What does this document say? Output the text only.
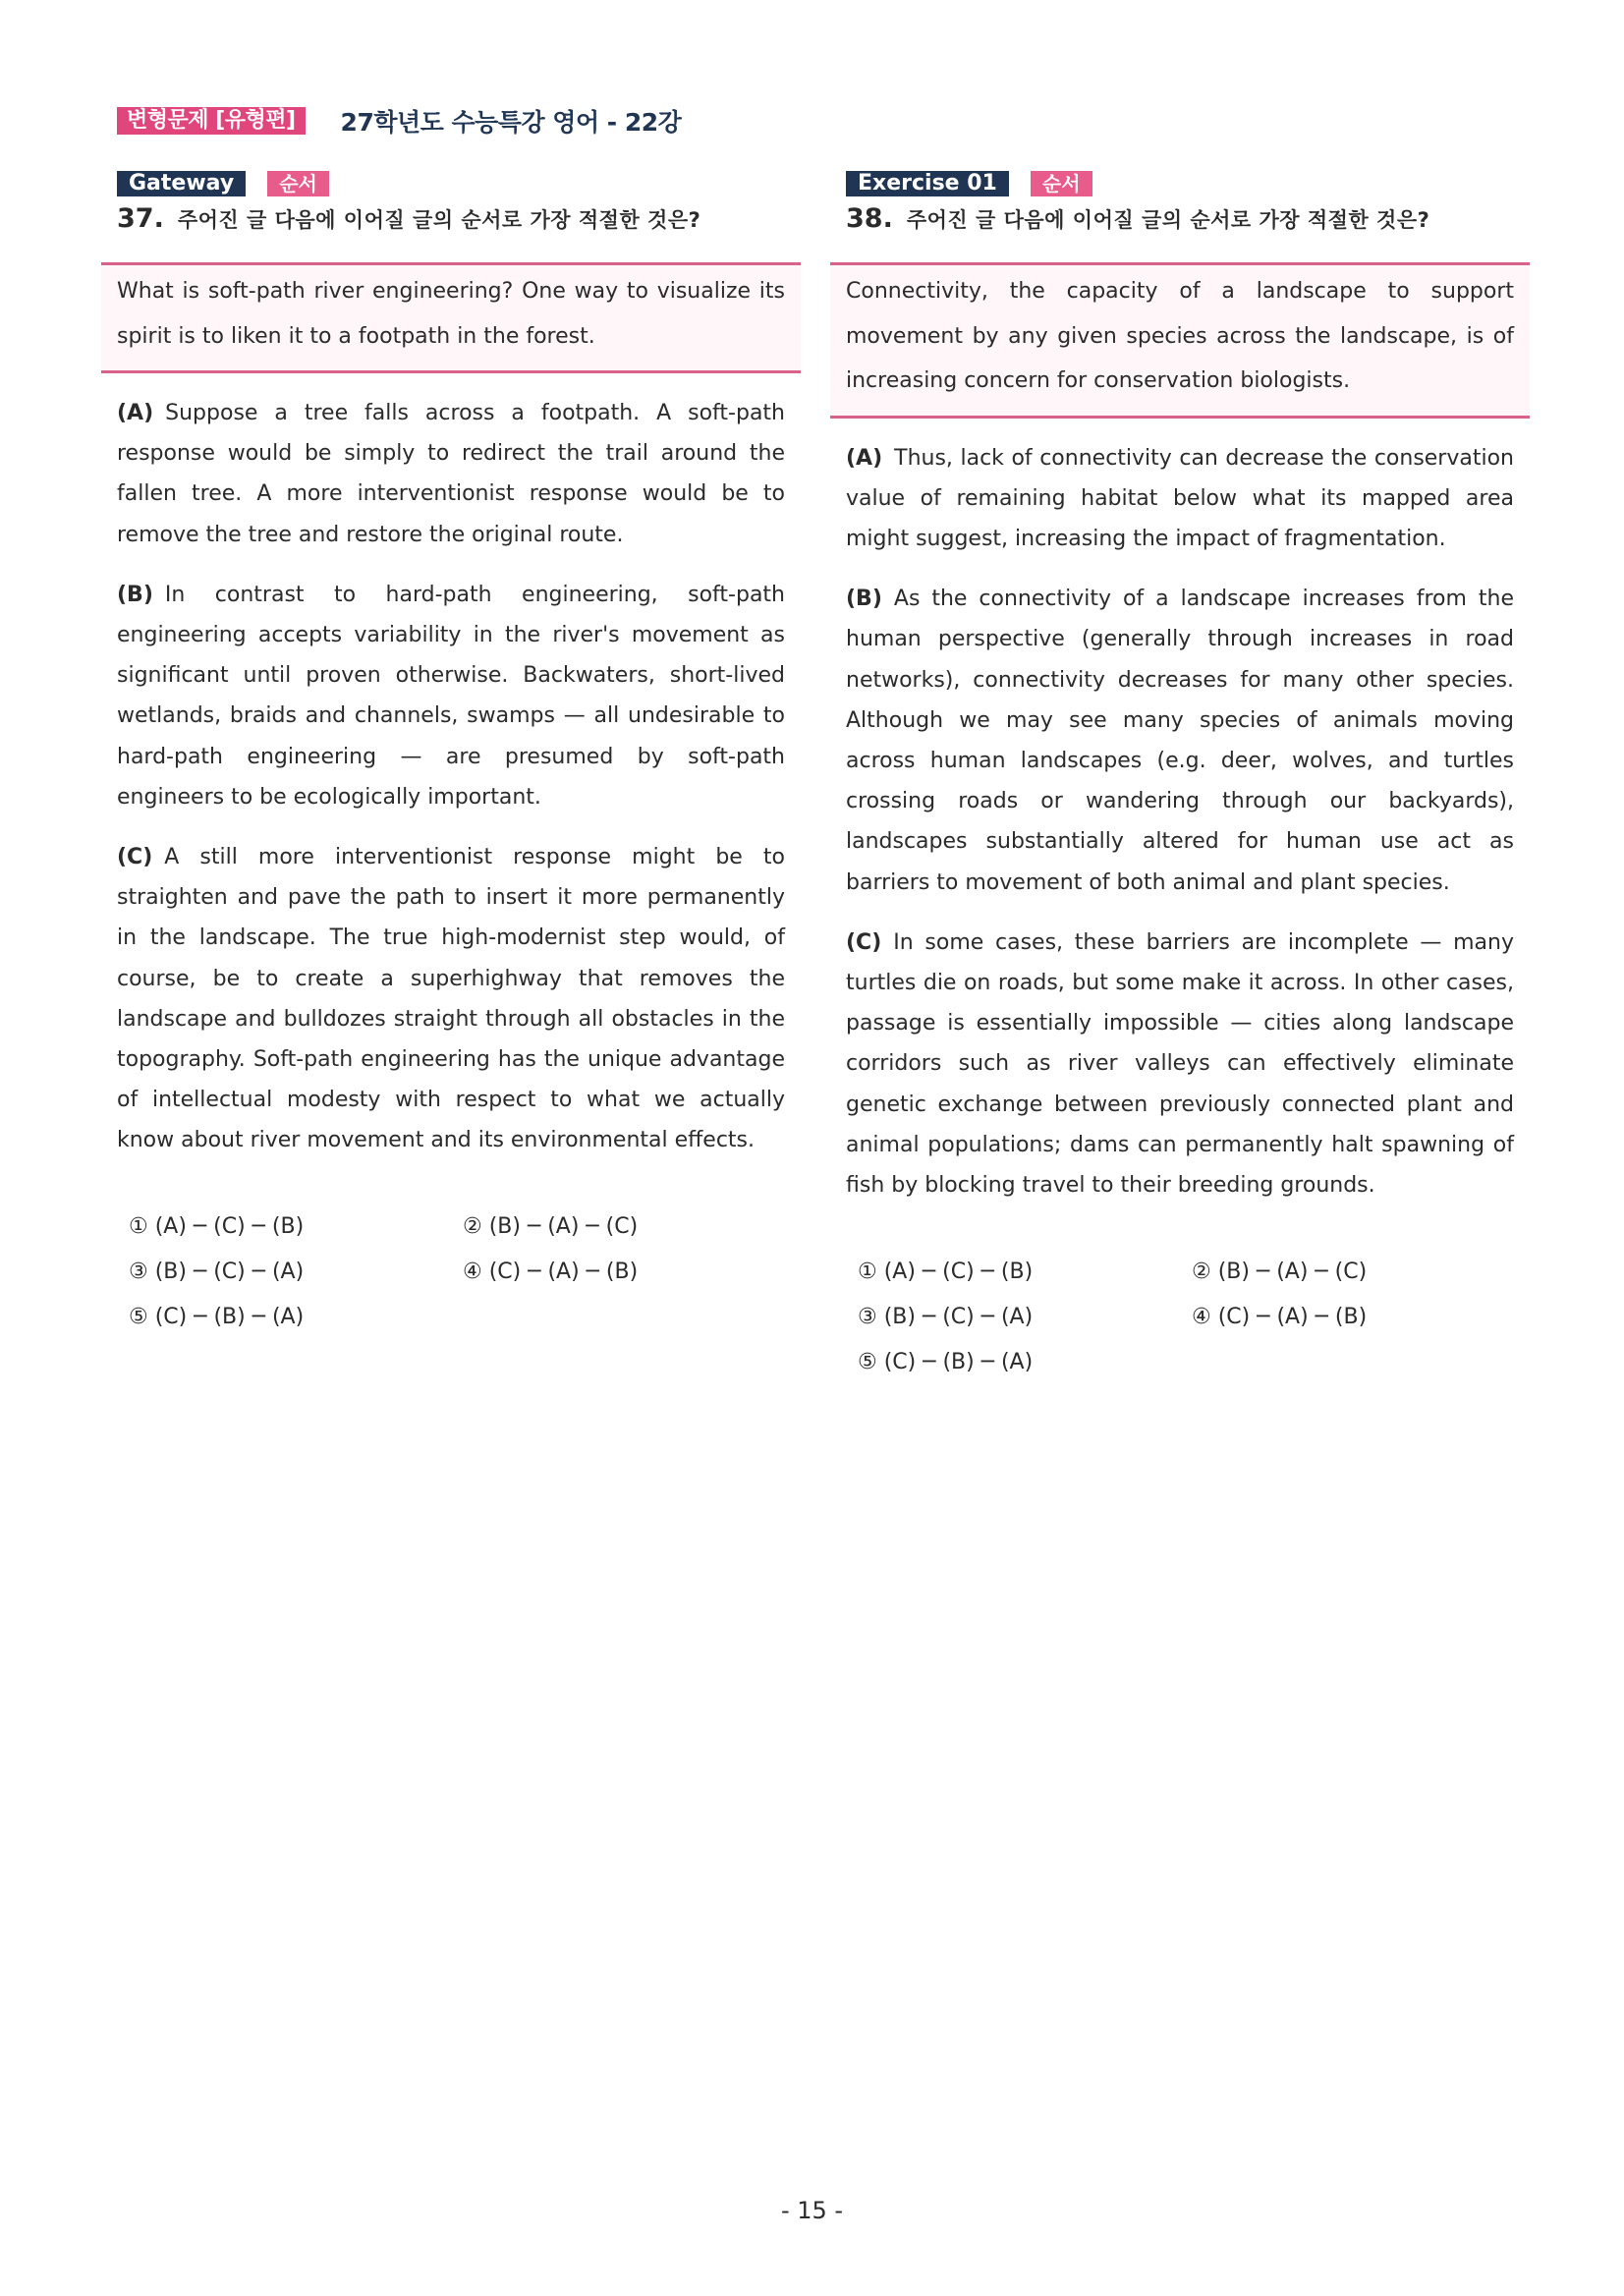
변형문제 [유형편]	27학년도 수능특강 영어 - 22강
Gateway	순서
37. 주어진 글 다음에 이어질 글의 순서로 가장 적절한 것은?
What is soft-path river engineering? One way to visualize its spirit is to liken it to a footpath in the forest.
(A) Suppose a tree falls across a footpath. A soft-path response would be simply to redirect the trail around the fallen tree. A more interventionist response would be to remove the tree and restore the original route.
(B) In contrast to hard-path engineering, soft-path engineering accepts variability in the river's movement as significant until proven otherwise. Backwaters, short-lived wetlands, braids and channels, swamps — all undesirable to hard-path engineering — are presumed by soft-path engineers to be ecologically important.
(C) A still more interventionist response might be to straighten and pave the path to insert it more permanently in the landscape. The true high-modernist step would, of course, be to create a superhighway that removes the landscape and bulldozes straight through all obstacles in the topography. Soft-path engineering has the unique advantage of intellectual modesty with respect to what we actually know about river movement and its environmental effects.
① (A) ─ (C) ─ (B)	② (B) ─ (A) ─ (C)
③ (B) ─ (C) ─ (A)	④ (C) ─ (A) ─ (B)
⑤ (C) ─ (B) ─ (A)
Exercise 01	순서
38. 주어진 글 다음에 이어질 글의 순서로 가장 적절한 것은?
Connectivity, the capacity of a landscape to support movement by any given species across the landscape, is of increasing concern for conservation biologists.
(A) Thus, lack of connectivity can decrease the conservation value of remaining habitat below what its mapped area might suggest, increasing the impact of fragmentation.
(B) As the connectivity of a landscape increases from the human perspective (generally through increases in road networks), connectivity decreases for many other species. Although we may see many species of animals moving across human landscapes (e.g. deer, wolves, and turtles crossing roads or wandering through our backyards), landscapes substantially altered for human use act as barriers to movement of both animal and plant species.
(C) In some cases, these barriers are incomplete — many turtles die on roads, but some make it across. In other cases, passage is essentially impossible — cities along landscape corridors such as river valleys can effectively eliminate genetic exchange between previously connected plant and animal populations; dams can permanently halt spawning of fish by blocking travel to their breeding grounds.
① (A) ─ (C) ─ (B)	② (B) ─ (A) ─ (C)
③ (B) ─ (C) ─ (A)	④ (C) ─ (A) ─ (B)
⑤ (C) ─ (B) ─ (A)
- 15 -
